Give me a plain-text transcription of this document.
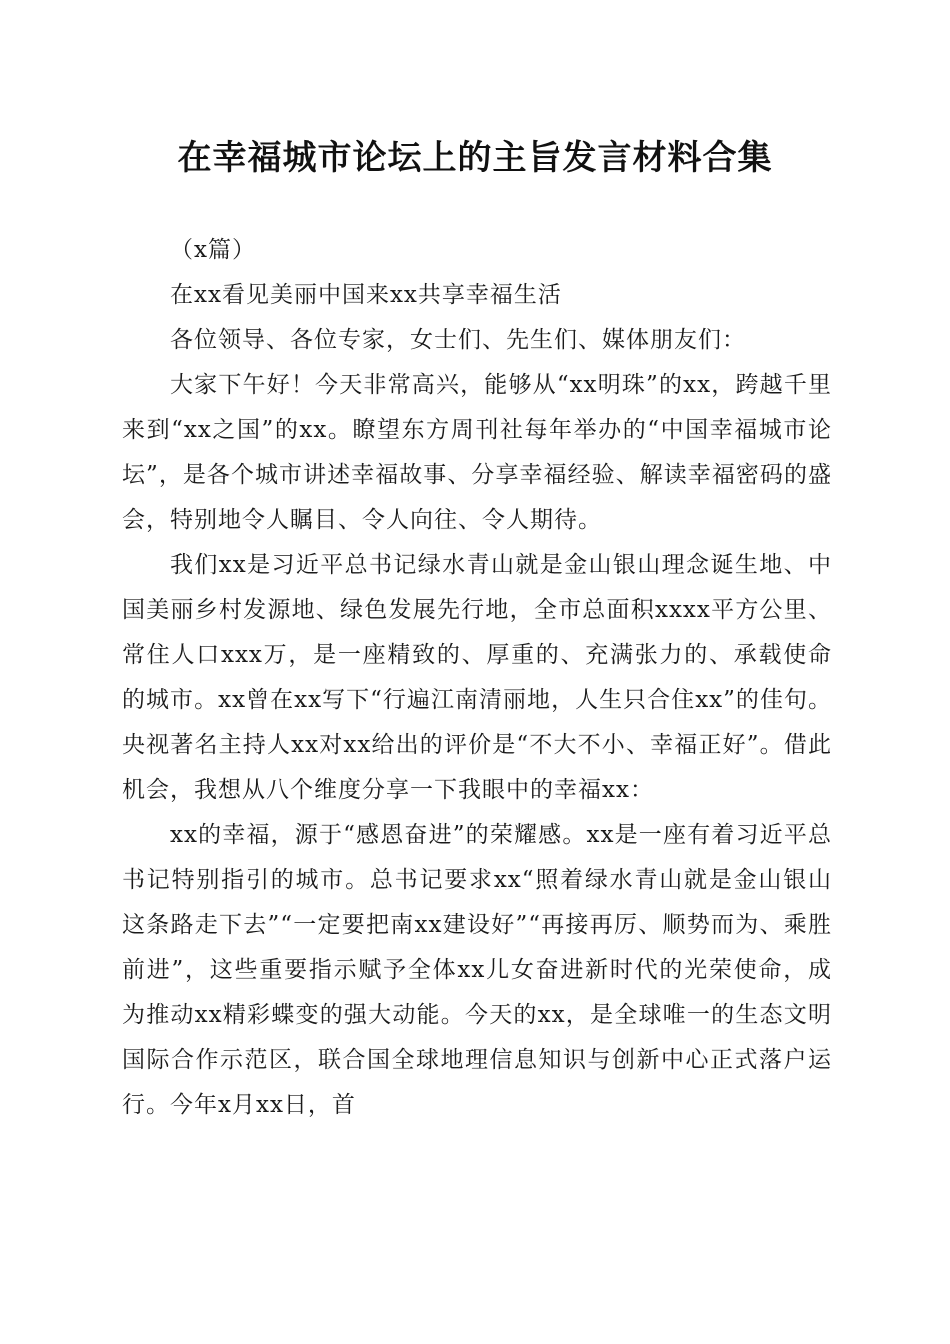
在幸福城市论坛上的主旨发言材料合集

（x篇）

在xx看见美丽中国来xx共享幸福生活

各位领导、各位专家，女士们、先生们、媒体朋友们：

大家下午好！今天非常高兴，能够从“xx明珠”的xx，跨越千里来到“xx之国”的xx。瞭望东方周刊社每年举办的“中国幸福城市论坛”，是各个城市讲述幸福故事、分享幸福经验、解读幸福密码的盛会，特别地令人瞩目、令人向往、令人期待。

我们xx是习近平总书记绿水青山就是金山银山理念诞生地、中国美丽乡村发源地、绿色发展先行地，全市总面积xxxx平方公里、常住人口xxx万，是一座精致的、厚重的、充满张力的、承载使命的城市。xx曾在xx写下“行遍江南清丽地，人生只合住xx”的佳句。央视著名主持人xx对xx给出的评价是“不大不小、幸福正好”。借此机会，我想从八个维度分享一下我眼中的幸福xx：

xx的幸福，源于“感恩奋进”的荣耀感。xx是一座有着习近平总书记特别指引的城市。总书记要求xx“照着绿水青山就是金山银山这条路走下去”“一定要把南xx建设好”“再接再厉、顺势而为、乘胜前进”，这些重要指示赋予全体xx儿女奋进新时代的光荣使命，成为推动xx精彩蝶变的强大动能。今天的xx，是全球唯一的生态文明国际合作示范区，联合国全球地理信息知识与创新中心正式落户运行。今年x月xx日，首
